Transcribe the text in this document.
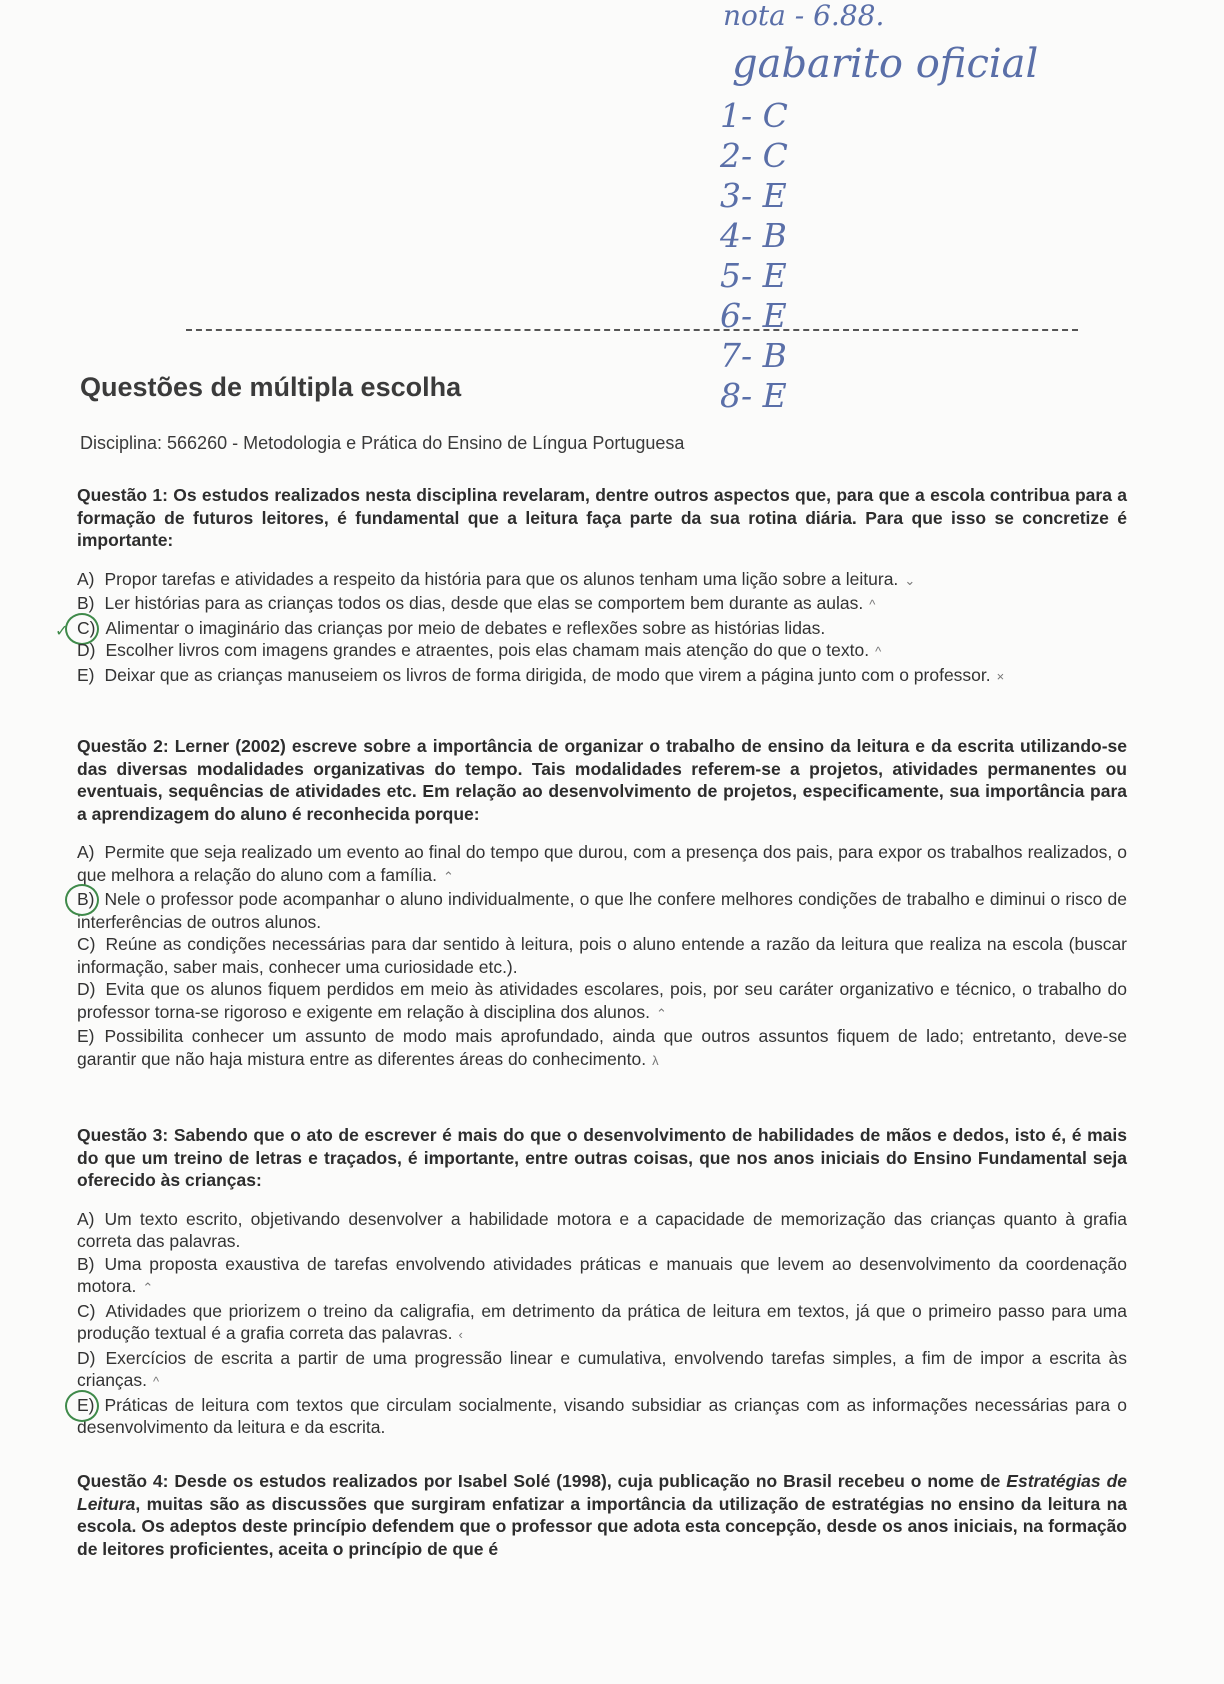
nota - 6.88.
gabarito oficial
1- C
2- C
3- E
4- B
5- E
6- E
7- B
8- E
Questões de múltipla escolha

Disciplina: 566260 - Metodologia e Prática do Ensino de Língua Portuguesa

Questão 1: Os estudos realizados nesta disciplina revelaram, dentre outros aspectos que, para que a escola contribua para a formação de futuros leitores, é fundamental que a leitura faça parte da sua rotina diária. Para que isso se concretize é importante:

A) Propor tarefas e atividades a respeito da história para que os alunos tenham uma lição sobre a leitura. ⌄
B) Ler histórias para as crianças todos os dias, desde que elas se comportem bem durante as aulas. ^
✓ C) Alimentar o imaginário das crianças por meio de debates e reflexões sobre as histórias lidas.
D) Escolher livros com imagens grandes e atraentes, pois elas chamam mais atenção do que o texto. ^
E) Deixar que as crianças manuseiem os livros de forma dirigida, de modo que virem a página junto com o professor. ×

Questão 2: Lerner (2002) escreve sobre a importância de organizar o trabalho de ensino da leitura e da escrita utilizando-se das diversas modalidades organizativas do tempo. Tais modalidades referem-se a projetos, atividades permanentes ou eventuais, sequências de atividades etc. Em relação ao desenvolvimento de projetos, especificamente, sua importância para a aprendizagem do aluno é reconhecida porque:

A) Permite que seja realizado um evento ao final do tempo que durou, com a presença dos pais, para expor os trabalhos realizados, o que melhora a relação do aluno com a família. ⌃
B) Nele o professor pode acompanhar o aluno individualmente, o que lhe confere melhores condições de trabalho e diminui o risco de interferências de outros alunos.
C) Reúne as condições necessárias para dar sentido à leitura, pois o aluno entende a razão da leitura que realiza na escola (buscar informação, saber mais, conhecer uma curiosidade etc.).
D) Evita que os alunos fiquem perdidos em meio às atividades escolares, pois, por seu caráter organizativo e técnico, o trabalho do professor torna-se rigoroso e exigente em relação à disciplina dos alunos. ⌃
E) Possibilita conhecer um assunto de modo mais aprofundado, ainda que outros assuntos fiquem de lado; entretanto, deve-se garantir que não haja mistura entre as diferentes áreas do conhecimento. λ

Questão 3: Sabendo que o ato de escrever é mais do que o desenvolvimento de habilidades de mãos e dedos, isto é, é mais do que um treino de letras e traçados, é importante, entre outras coisas, que nos anos iniciais do Ensino Fundamental seja oferecido às crianças:

A) Um texto escrito, objetivando desenvolver a habilidade motora e a capacidade de memorização das crianças quanto à grafia correta das palavras.
B) Uma proposta exaustiva de tarefas envolvendo atividades práticas e manuais que levem ao desenvolvimento da coordenação motora. ⌃
C) Atividades que priorizem o treino da caligrafia, em detrimento da prática de leitura em textos, já que o primeiro passo para uma produção textual é a grafia correta das palavras. ‹
D) Exercícios de escrita a partir de uma progressão linear e cumulativa, envolvendo tarefas simples, a fim de impor a escrita às crianças. ^
E) Práticas de leitura com textos que circulam socialmente, visando subsidiar as crianças com as informações necessárias para o desenvolvimento da leitura e da escrita.

Questão 4: Desde os estudos realizados por Isabel Solé (1998), cuja publicação no Brasil recebeu o nome de Estratégias de Leitura, muitas são as discussões que surgiram enfatizar a importância da utilização de estratégias no ensino da leitura na escola. Os adeptos deste princípio defendem que o professor que adota esta concepção, desde os anos iniciais, na formação de leitores proficientes, aceita o princípio de que é
